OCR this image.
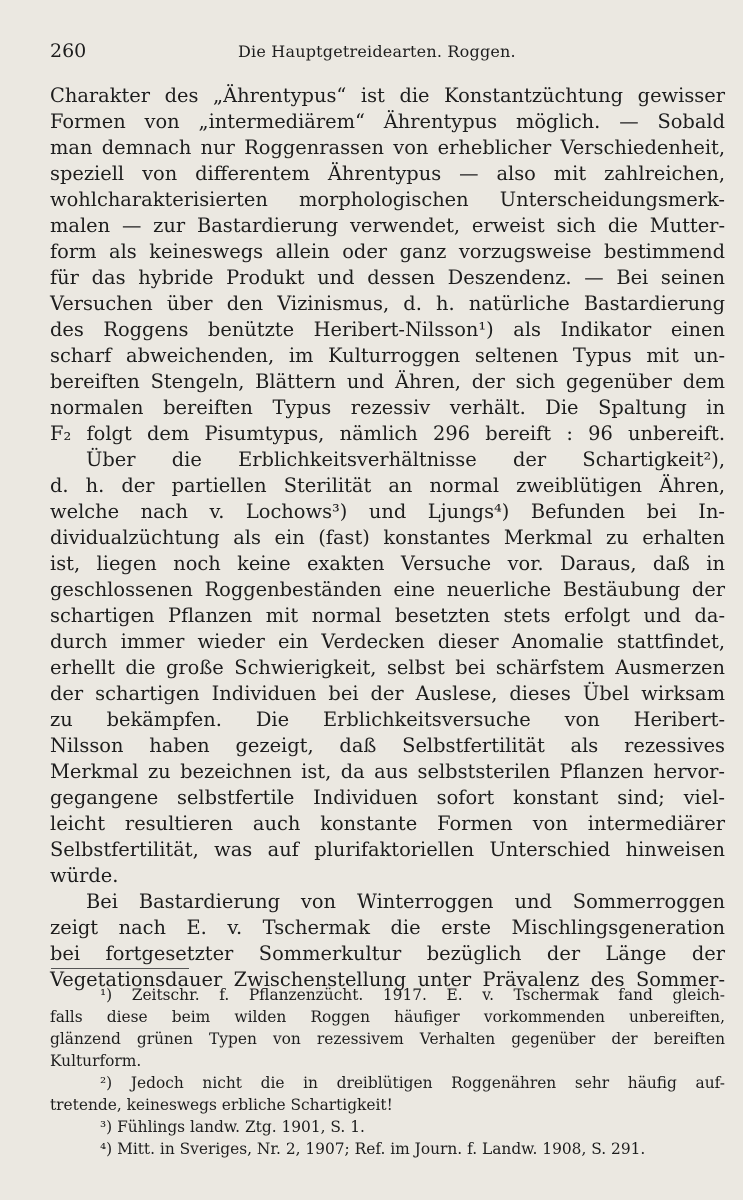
260	Die Hauptgetreidearten. Roggen.
Charakter des „Ährentypus“ ist die Konstantzüchtung gewisser
Formen von „intermediärem“ Ährentypus möglich. — Sobald
man demnach nur Roggenrassen von erheblicher Verschiedenheit,
speziell von differentem Ährentypus — also mit zahlreichen,
wohlcharakterisierten morphologischen Unterscheidungsmerk-
malen — zur Bastardierung verwendet, erweist sich die Mutter-
form als keineswegs allein oder ganz vorzugsweise bestimmend
für das hybride Produkt und dessen Deszendenz. — Bei seinen
Versuchen über den Vizinismus, d. h. natürliche Bastardierung
des Roggens benützte Heribert-Nilsson¹) als Indikator einen
scharf abweichenden, im Kulturroggen seltenen Typus mit un-
bereiften Stengeln, Blättern und Ähren, der sich gegenüber dem
normalen bereiften Typus rezessiv verhält. Die Spaltung in
F₂ folgt dem Pisumtypus, nämlich 296 bereift : 96 unbereift.
Über die Erblichkeitsverhältnisse der Schartigkeit²),
d. h. der partiellen Sterilität an normal zweiblütigen Ähren,
welche nach v. Lochows³) und Ljungs⁴) Befunden bei In-
dividualzüchtung als ein (fast) konstantes Merkmal zu erhalten
ist, liegen noch keine exakten Versuche vor. Daraus, daß in
geschlossenen Roggenbeständen eine neuerliche Bestäubung der
schartigen Pflanzen mit normal besetzten stets erfolgt und da-
durch immer wieder ein Verdecken dieser Anomalie stattfindet,
erhellt die große Schwierigkeit, selbst bei schärfstem Ausmerzen
der schartigen Individuen bei der Auslese, dieses Übel wirksam
zu bekämpfen. Die Erblichkeitsversuche von Heribert-
Nilsson haben gezeigt, daß Selbstfertilität als rezessives
Merkmal zu bezeichnen ist, da aus selbststerilen Pflanzen hervor-
gegangene selbstfertile Individuen sofort konstant sind; viel-
leicht resultieren auch konstante Formen von intermediärer
Selbstfertilität, was auf plurifaktoriellen Unterschied hinweisen
würde.
Bei Bastardierung von Winterroggen und Sommerroggen
zeigt nach E. v. Tschermak die erste Mischlingsgeneration
bei fortgesetzter Sommerkultur bezüglich der Länge der
Vegetationsdauer Zwischenstellung unter Prävalenz des Sommer-
¹) Zeitschr. f. Pflanzenzücht. 1917. E. v. Tschermak fand gleich-
falls diese beim wilden Roggen häufiger vorkommenden unbereiften,
glänzend grünen Typen von rezessivem Verhalten gegenüber der bereiften
Kulturform.
²) Jedoch nicht die in dreiblütigen Roggenähren sehr häufig auf-
tretende, keineswegs erbliche Schartigkeit!
³) Fühlings landw. Ztg. 1901, S. 1.
⁴) Mitt. in Sveriges, Nr. 2, 1907; Ref. im Journ. f. Landw. 1908, S. 291.
